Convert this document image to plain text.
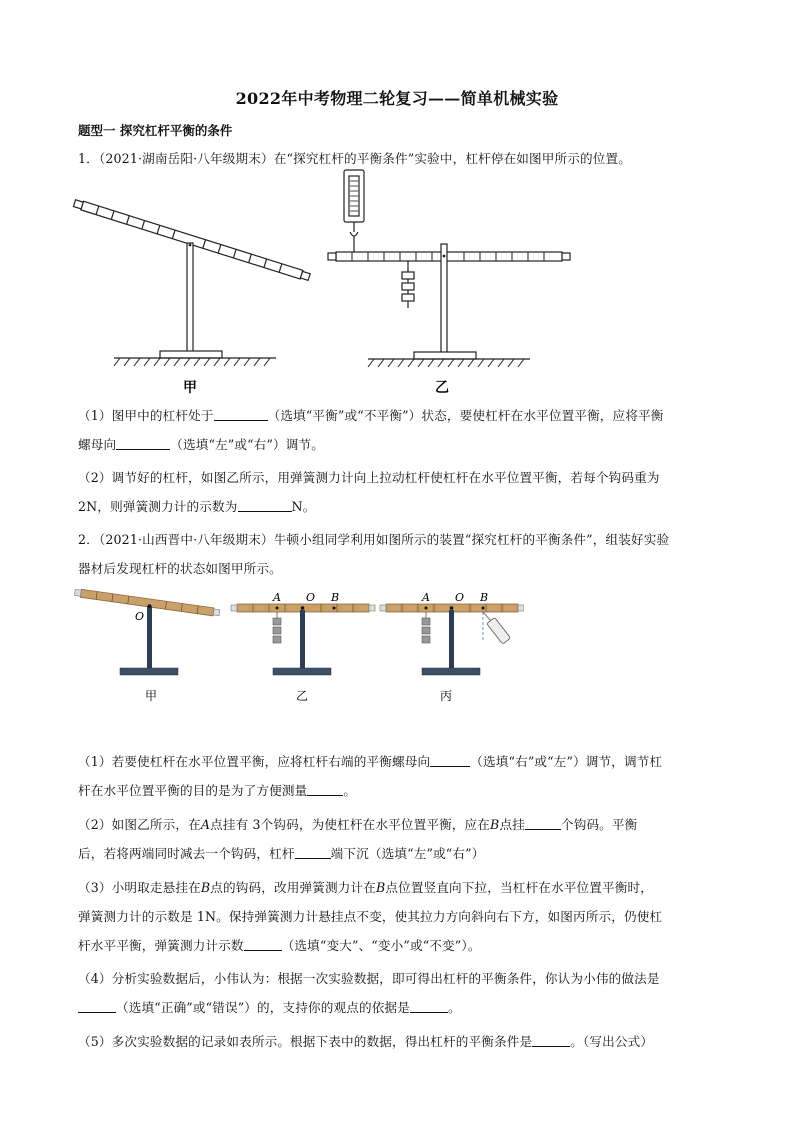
2022年中考物理二轮复习——简单机械实验
题型一 探究杠杆平衡的条件
1．（2021·湖南岳阳·八年级期末）在“探究杠杆的平衡条件”实验中，杠杆停在如图甲所示的位置。
甲	乙
（1）图甲中的杠杆处于	（选填“平衡”或“不平衡”）状态，要使杠杆在水平位置平衡，应将平衡
螺母向	（选填“左”或“右”）调节。
（2）调节好的杠杆，如图乙所示，用弹簧测力计向上拉动杠杆使杠杆在水平位置平衡，若每个钩码重为
2N，则弹簧测力计的示数为	N。
2．（2021·山西晋中·八年级期末）牛顿小组同学利用如图所示的装置“探究杠杆的平衡条件”，组装好实验
器材后发现杠杆的状态如图甲所示。
O
A O B	A O B
甲	乙	丙
（1）若要使杠杆在水平位置平衡，应将杠杆右端的平衡螺母向	（选填“右”或“左”）调节，调节杠
杆在水平位置平衡的目的是为了方便测量	。
（2）如图乙所示，在A点挂有 3个钩码，为使杠杆在水平位置平衡，应在B点挂	个钩码。平衡
后，若将两端同时减去一个钩码，杠杆	端下沉（选填“左”或“右”）
（3）小明取走悬挂在B点的钩码，改用弹簧测力计在B点位置竖直向下拉，当杠杆在水平位置平衡时，
弹簧测力计的示数是 1N。保持弹簧测力计悬挂点不变，使其拉力方向斜向右下方，如图丙所示，仍使杠
杆水平平衡，弹簧测力计示数	（选填“变大”、“变小”或“不变”）。
（4）分析实验数据后，小伟认为：根据一次实验数据，即可得出杠杆的平衡条件，你认为小伟的做法是
（选填“正确”或“错误”）的，支持你的观点的依据是	。
（5）多次实验数据的记录如表所示。根据下表中的数据，得出杠杆的平衡条件是	。（写出公式）
